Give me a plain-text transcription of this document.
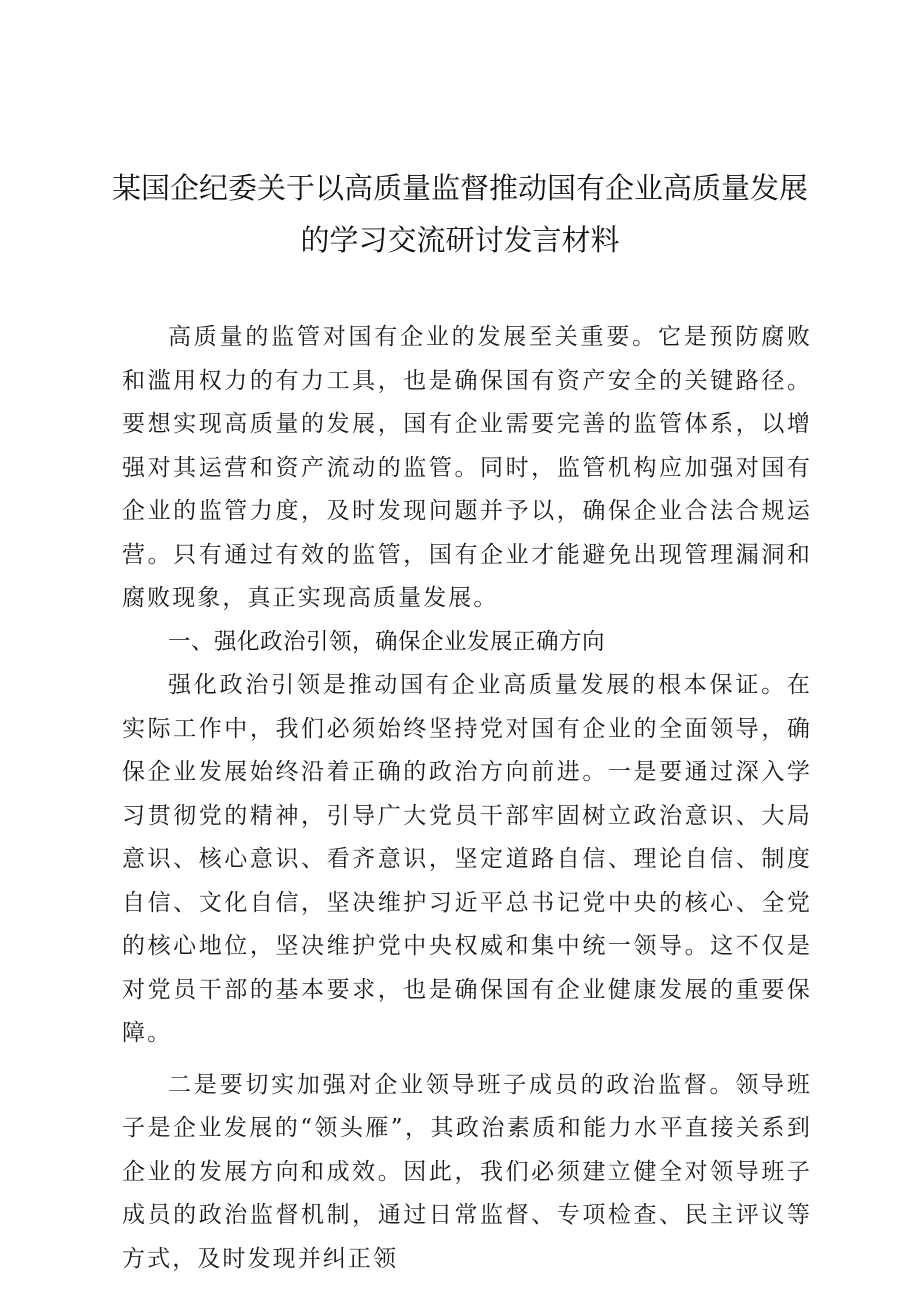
某国企纪委关于以高质量监督推动国有企业高质量发展
的学习交流研讨发言材料

高质量的监管对国有企业的发展至关重要。它是预防腐败和滥用权力的有力工具，也是确保国有资产安全的关键路径。要想实现高质量的发展，国有企业需要完善的监管体系，以增强对其运营和资产流动的监管。同时，监管机构应加强对国有企业的监管力度，及时发现问题并予以，确保企业合法合规运营。只有通过有效的监管，国有企业才能避免出现管理漏洞和腐败现象，真正实现高质量发展。

一、强化政治引领，确保企业发展正确方向

强化政治引领是推动国有企业高质量发展的根本保证。在实际工作中，我们必须始终坚持党对国有企业的全面领导，确保企业发展始终沿着正确的政治方向前进。一是要通过深入学习贯彻党的精神，引导广大党员干部牢固树立政治意识、大局意识、核心意识、看齐意识，坚定道路自信、理论自信、制度自信、文化自信，坚决维护习近平总书记党中央的核心、全党的核心地位，坚决维护党中央权威和集中统一领导。这不仅是对党员干部的基本要求，也是确保国有企业健康发展的重要保障。

二是要切实加强对企业领导班子成员的政治监督。领导班子是企业发展的“领头雁”，其政治素质和能力水平直接关系到企业的发展方向和成效。因此，我们必须建立健全对领导班子成员的政治监督机制，通过日常监督、专项检查、民主评议等方式，及时发现并纠正领
